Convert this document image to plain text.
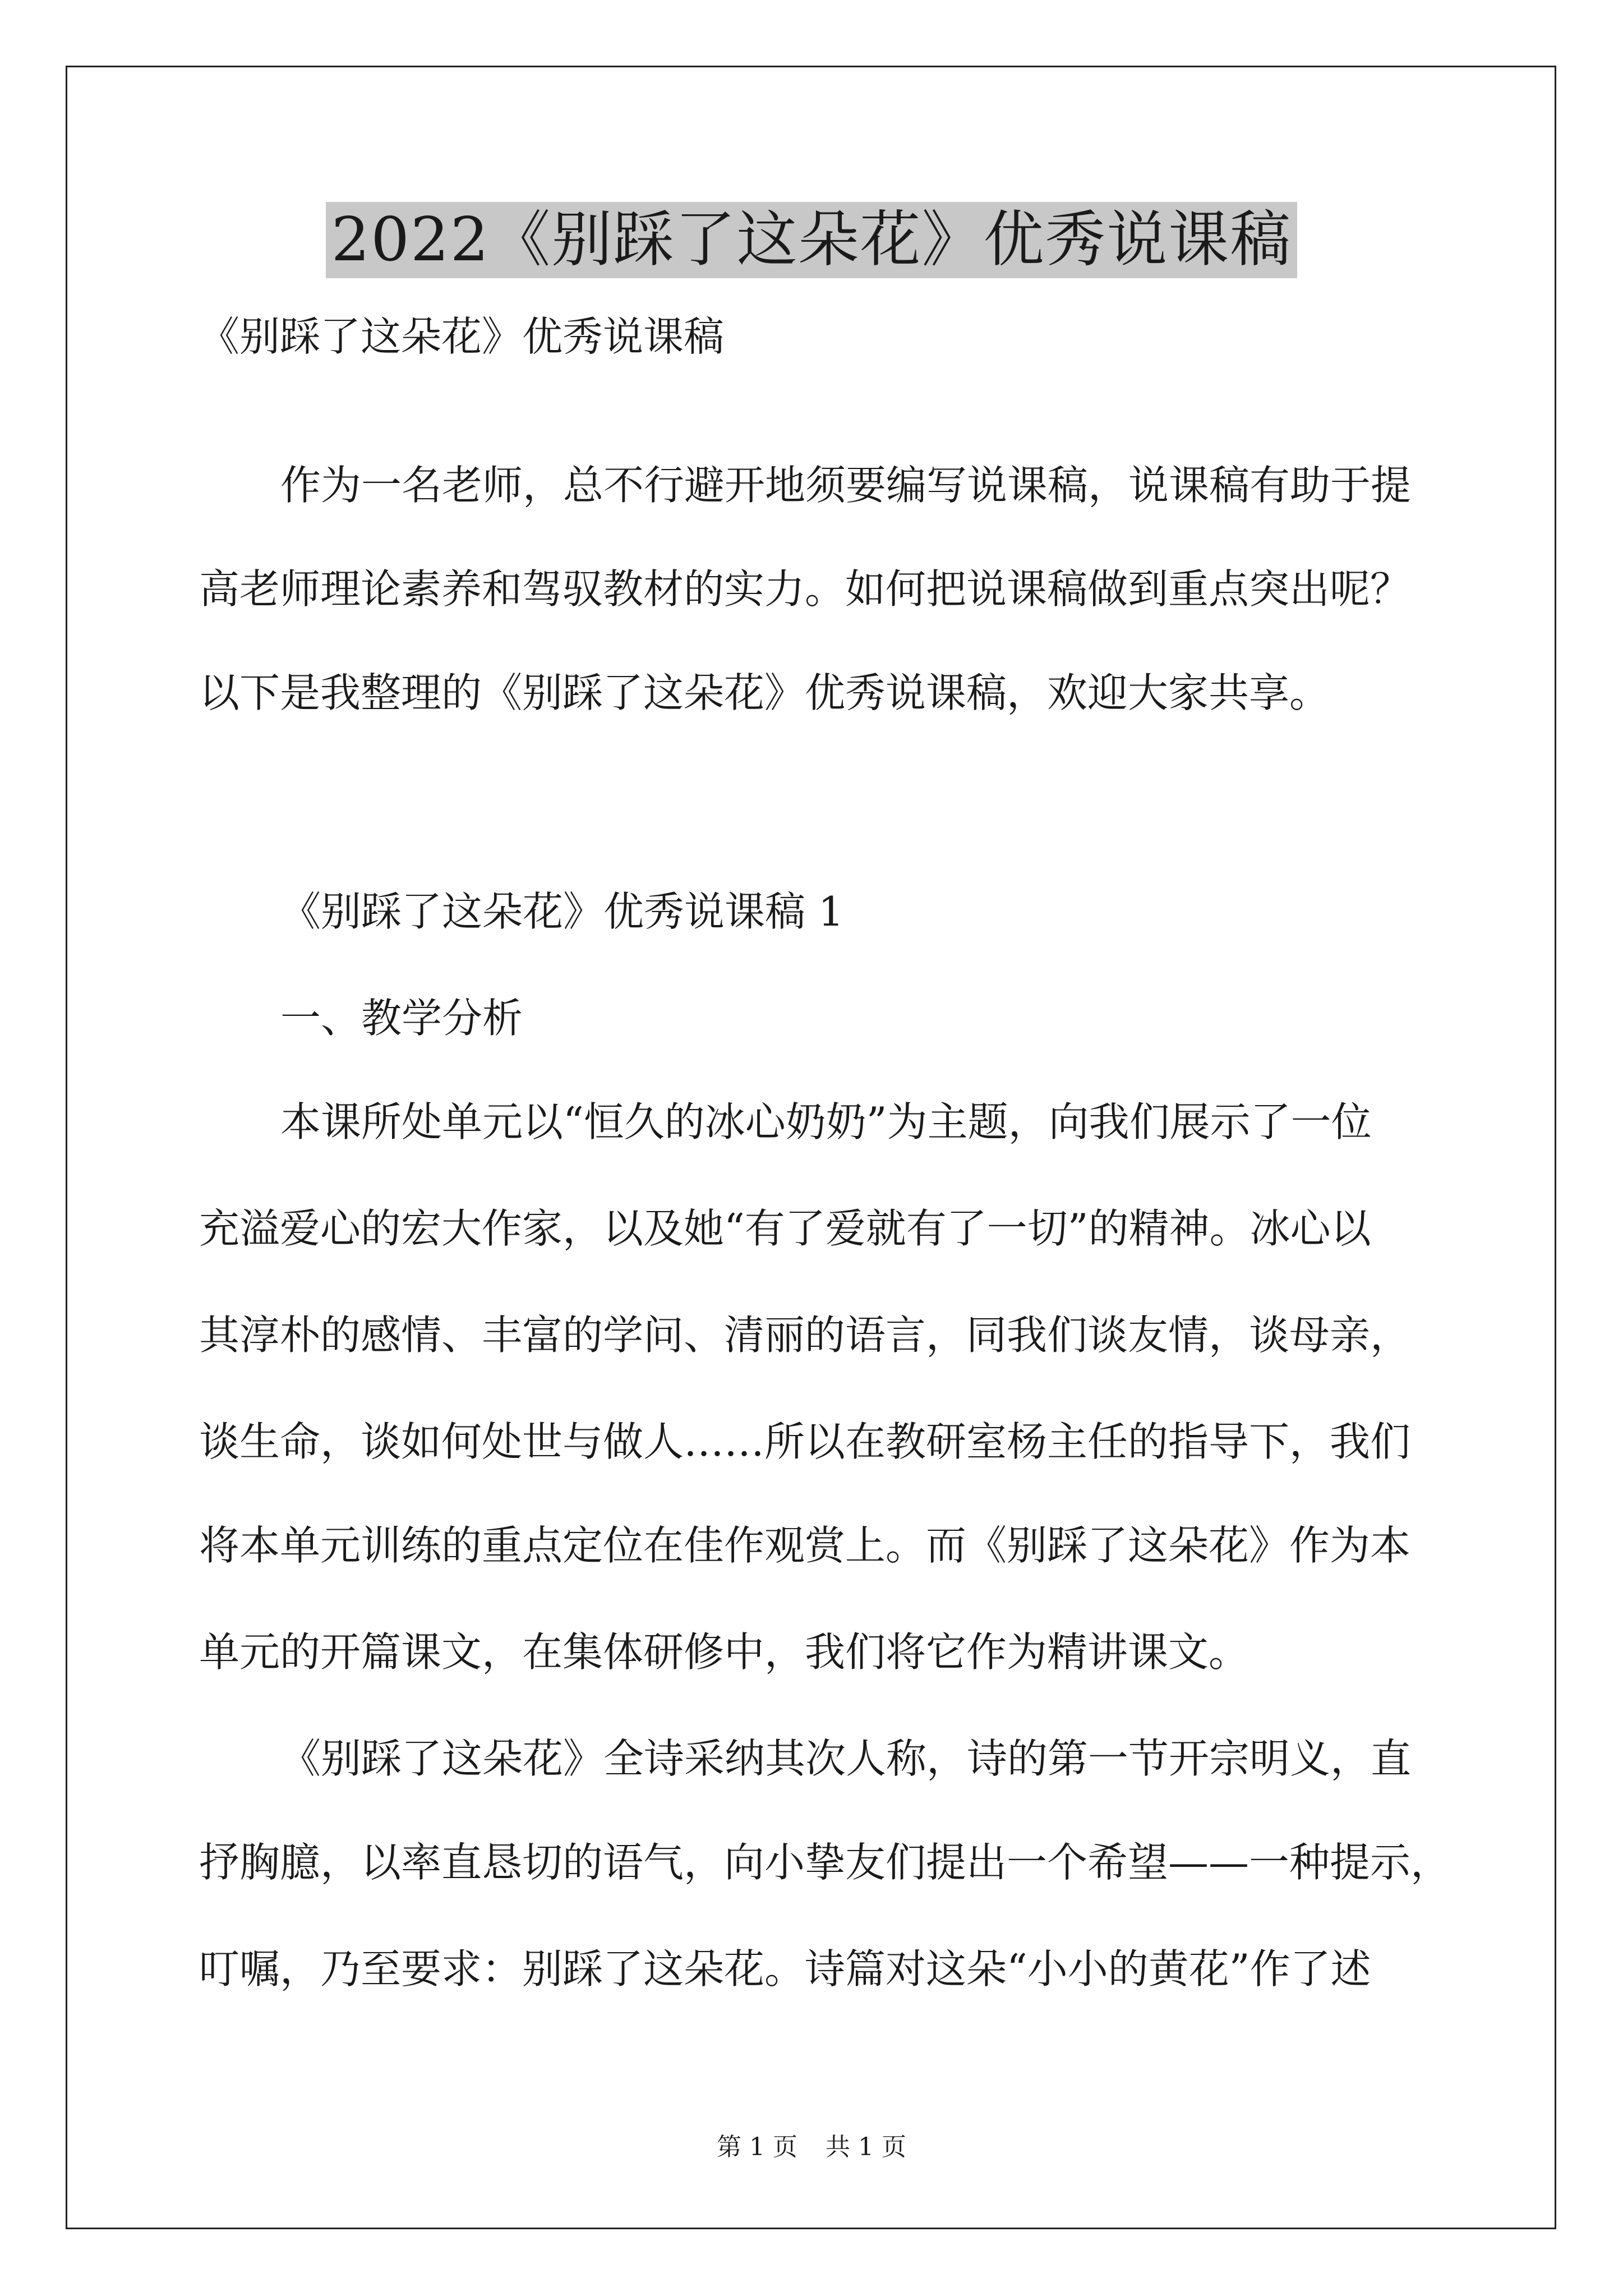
2022《别踩了这朵花》优秀说课稿
《别踩了这朵花》优秀说课稿
作为一名老师，总不行避开地须要编写说课稿，说课稿有助于提
高老师理论素养和驾驭教材的实力。如何把说课稿做到重点突出呢？
以下是我整理的《别踩了这朵花》优秀说课稿，欢迎大家共享。
《别踩了这朵花》优秀说课稿 1
一、教学分析
本课所处单元以“恒久的冰心奶奶”为主题，向我们展示了一位
充溢爱心的宏大作家，以及她“有了爱就有了一切”的精神。冰心以
其淳朴的感情、丰富的学问、清丽的语言，同我们谈友情，谈母亲，
谈生命，谈如何处世与做人……所以在教研室杨主任的指导下，我们
将本单元训练的重点定位在佳作观赏上。而《别踩了这朵花》作为本
单元的开篇课文，在集体研修中，我们将它作为精讲课文。
《别踩了这朵花》全诗采纳其次人称，诗的第一节开宗明义，直
抒胸臆，以率直恳切的语气，向小挚友们提出一个希望——一种提示，
叮嘱，乃至要求：别踩了这朵花。诗篇对这朵“小小的黄花”作了述
第 1 页 共 1 页
